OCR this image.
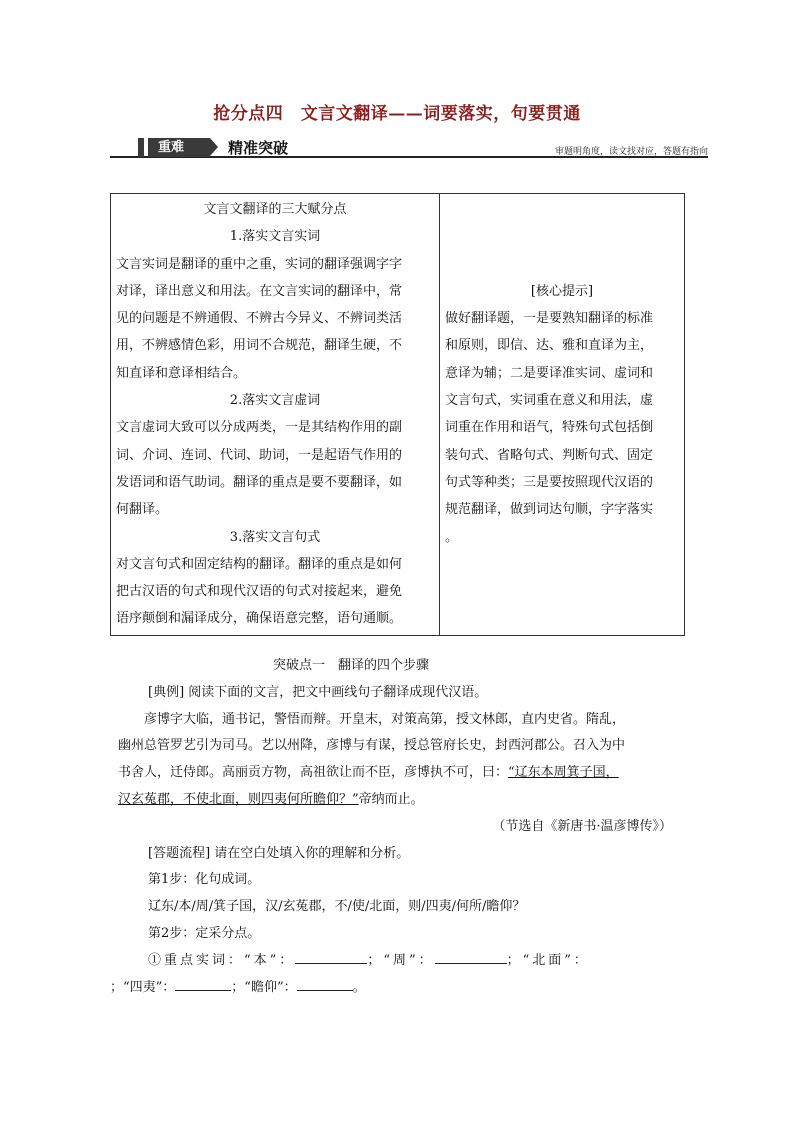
抢分点四　文言文翻译——词要落实，句要贯通
重难	精准突破	审题明角度，读文找对应，答题有指向
文言文翻译的三大赋分点
1.落实文言实词
文言实词是翻译的重中之重，实词的翻译强调字字
对译，译出意义和用法。在文言实词的翻译中，常
见的问题是不辨通假、不辨古今异义、不辨词类活
用，不辨感情色彩，用词不合规范，翻译生硬，不
知直译和意译相结合。
2.落实文言虚词
文言虚词大致可以分成两类，一是其结构作用的副
词、介词、连词、代词、助词，一是起语气作用的
发语词和语气助词。翻译的重点是要不要翻译，如
何翻译。
3.落实文言句式
对文言句式和固定结构的翻译。翻译的重点是如何
把古汉语的句式和现代汉语的句式对接起来，避免
语序颠倒和漏译成分，确保语意完整，语句通顺。

[核心提示]
做好翻译题，一是要熟知翻译的标准
和原则，即信、达、雅和直译为主，
意译为辅；二是要译准实词、虚词和
文言句式，实词重在意义和用法，虚
词重在作用和语气，特殊句式包括倒
装句式、省略句式、判断句式、固定
句式等种类；三是要按照现代汉语的
规范翻译，做到词达句顺，字字落实
。
突破点一　翻译的四个步骤
[典例] 阅读下面的文言，把文中画线句子翻译成现代汉语。
彦博字大临，通书记，警悟而辩。开皇末，对策高第，授文林郎，直内史省。隋乱，
幽州总管罗艺引为司马。艺以州降，彦博与有谋，授总管府长史，封西河郡公。召入为中
书舍人，迁侍郎。高丽贡方物，高祖欲让而不臣，彦博执不可，曰：“辽东本周箕子国，
汉玄菟郡，不使北面，则四夷何所瞻仰？”帝纳而止。
（节选自《新唐书·温彦博传》）
[答题流程] 请在空白处填入你的理解和分析。
第1步：化句成词。
辽东/本/周/箕子国，汉/玄菟郡，不/使/北面，则/四夷/何所/瞻仰？
第2步：定采分点。
①重点实词：“本”：	；“周”：	；“北面”：
；“四夷”：	；“瞻仰”：	。
